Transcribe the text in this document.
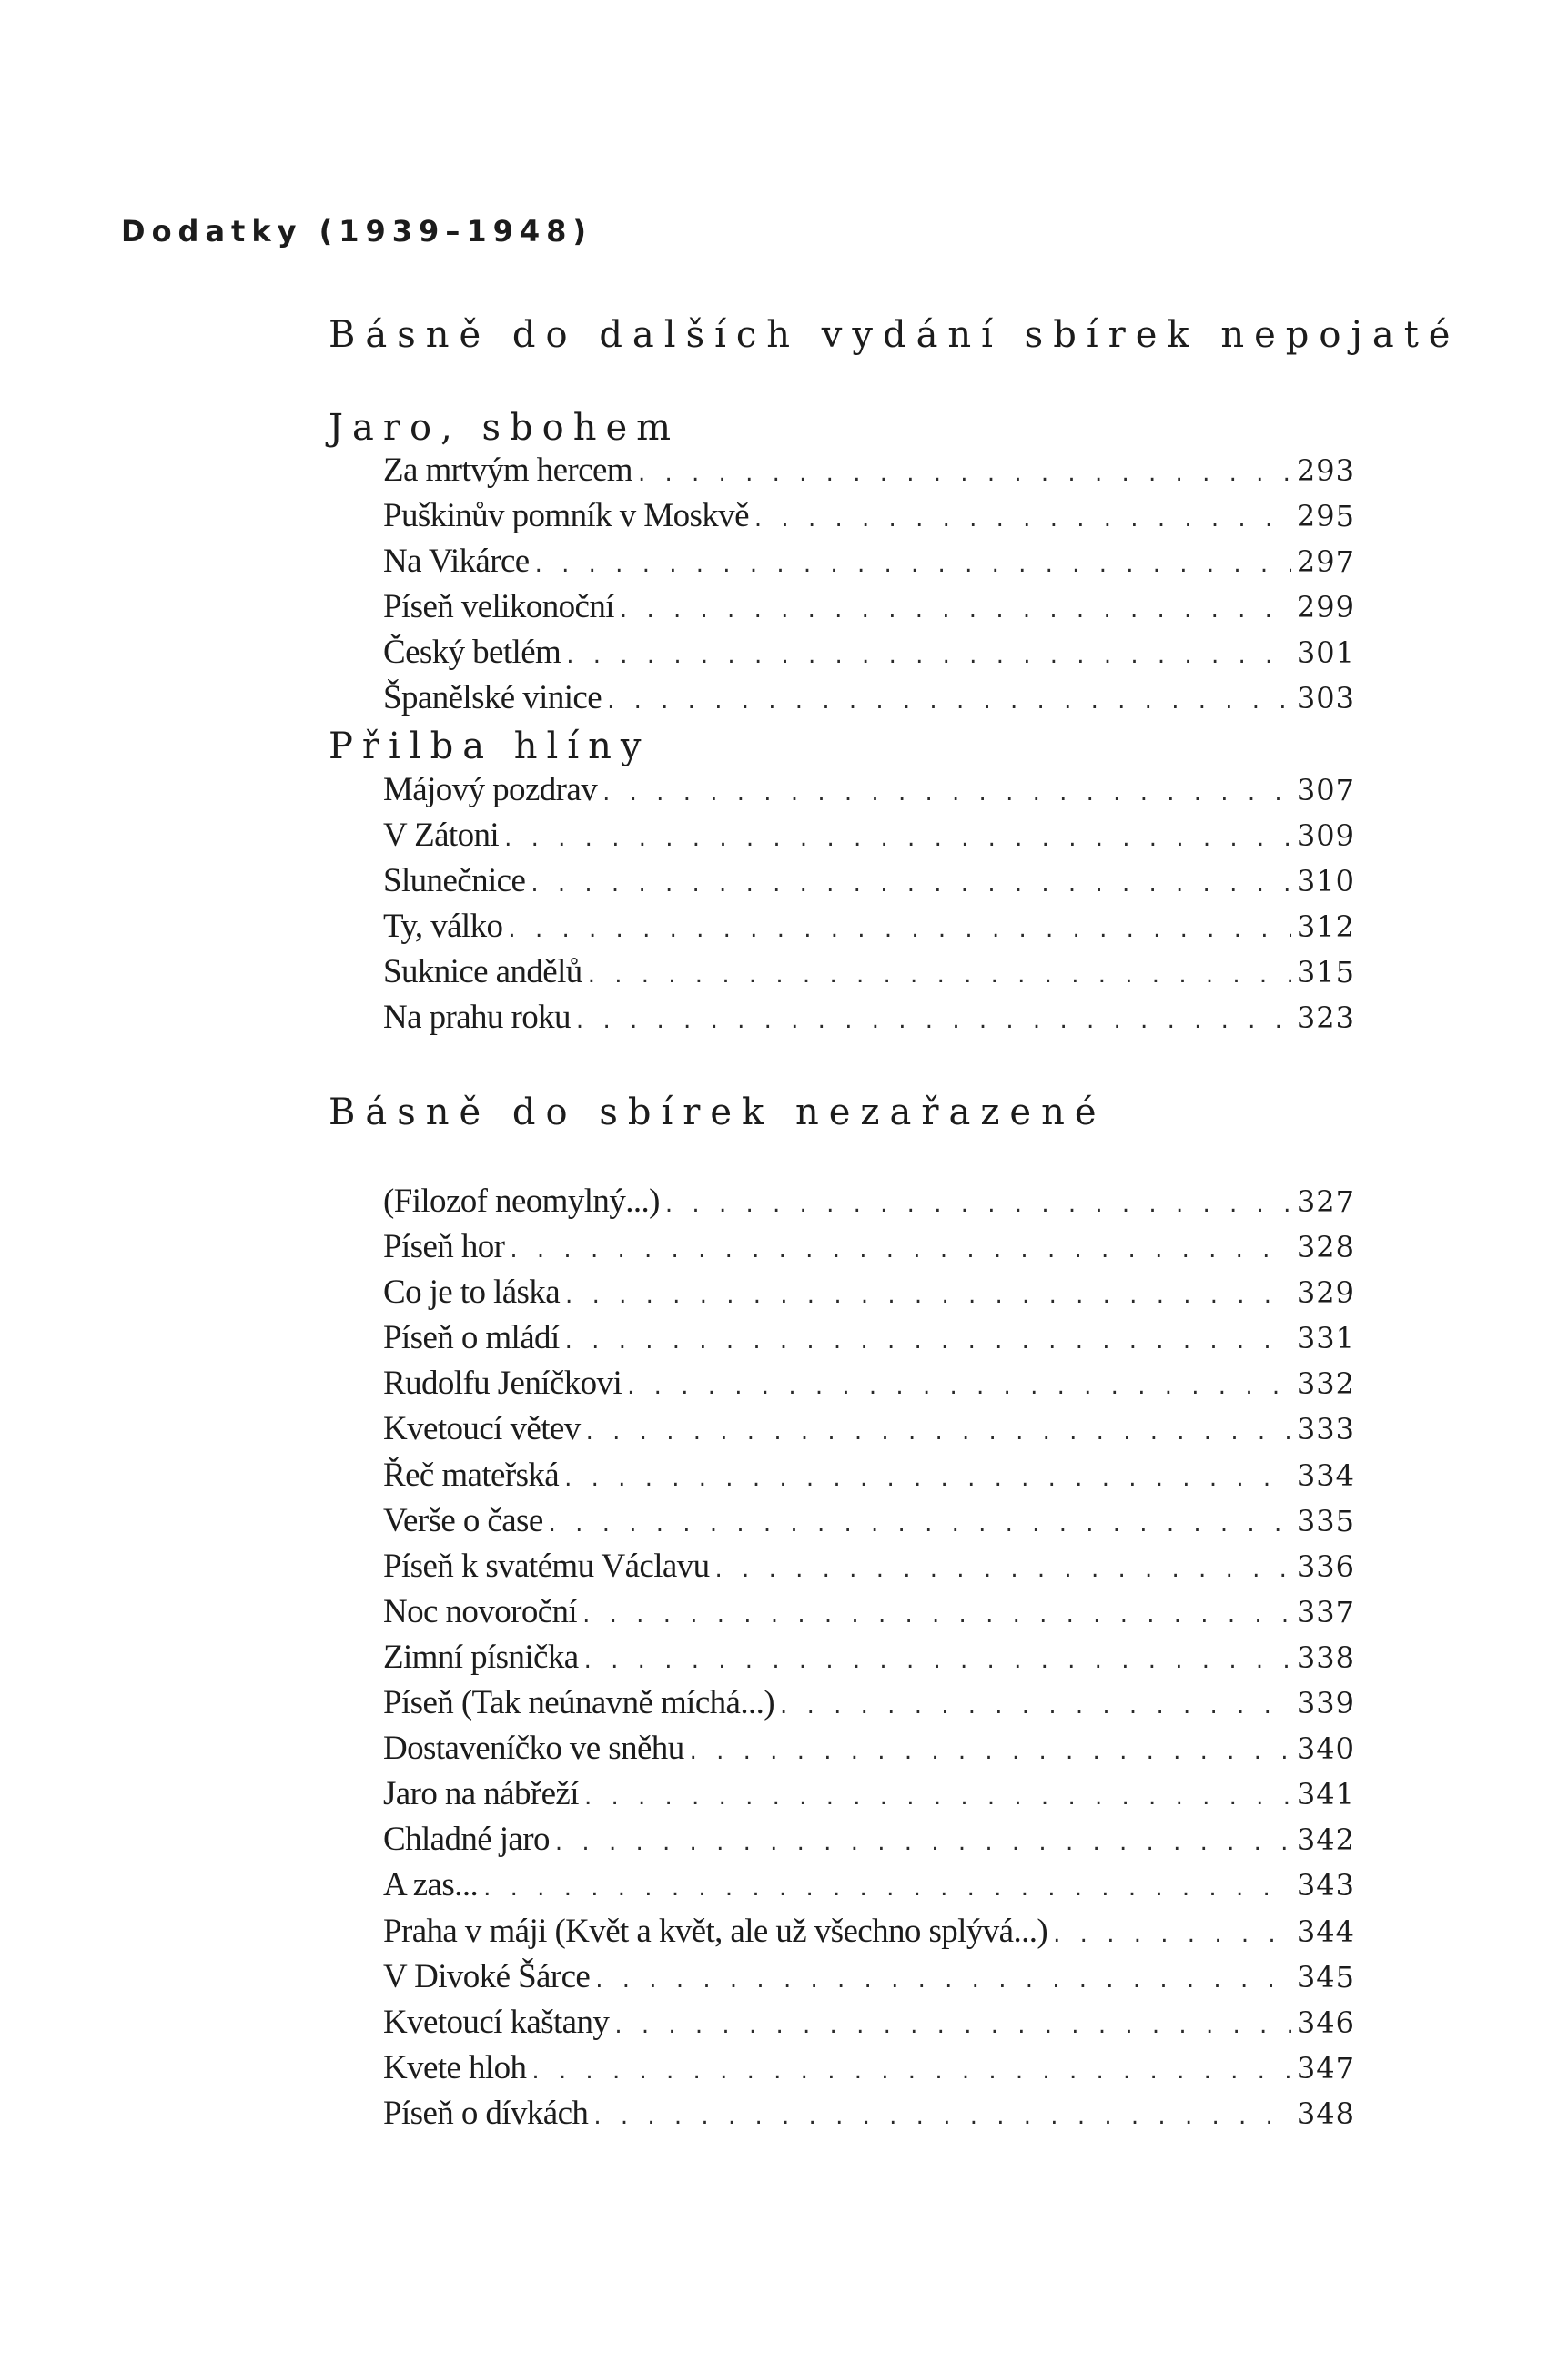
Dodatky (1939–1948)
Básně do dalších vydání sbírek nepojaté
Jaro, sbohem
Za mrtvým hercem . . .	293
Puškinův pomník v Moskvě . . .	295
Na Vikárce . . .	297
Píseň velikonoční . . .	299
Český betlém . . .	301
Španělské vinice . . .	303
Přilba hlíny
Májový pozdrav . . .	307
V Zátoni . . .	309
Slunečnice . . .	310
Ty, válko . . .	312
Suknice andělů . . .	315
Na prahu roku . . .	323
Básně do sbírek nezařazené
(Filozof neomylný...) . . .	327
Píseň hor . . .	328
Co je to láska . . .	329
Píseň o mládí . . .	331
Rudolfu Jeníčkovi . . .	332
Kvetoucí větev . . .	333
Řeč mateřská . . .	334
Verše o čase . . .	335
Píseň k svatému Václavu . . .	336
Noc novoroční . . .	337
Zimní písnička . . .	338
Píseň (Tak neúnavně míchá...) . . .	339
Dostaveníčko ve sněhu . . .	340
Jaro na nábřeží . . .	341
Chladné jaro . . .	342
A zas... . . .	343
Praha v máji (Květ a květ, ale už všechno splývá...) . . .	344
V Divoké Šárce . . .	345
Kvetoucí kaštany . . .	346
Kvete hloh . . .	347
Píseň o dívkách . . .	348
